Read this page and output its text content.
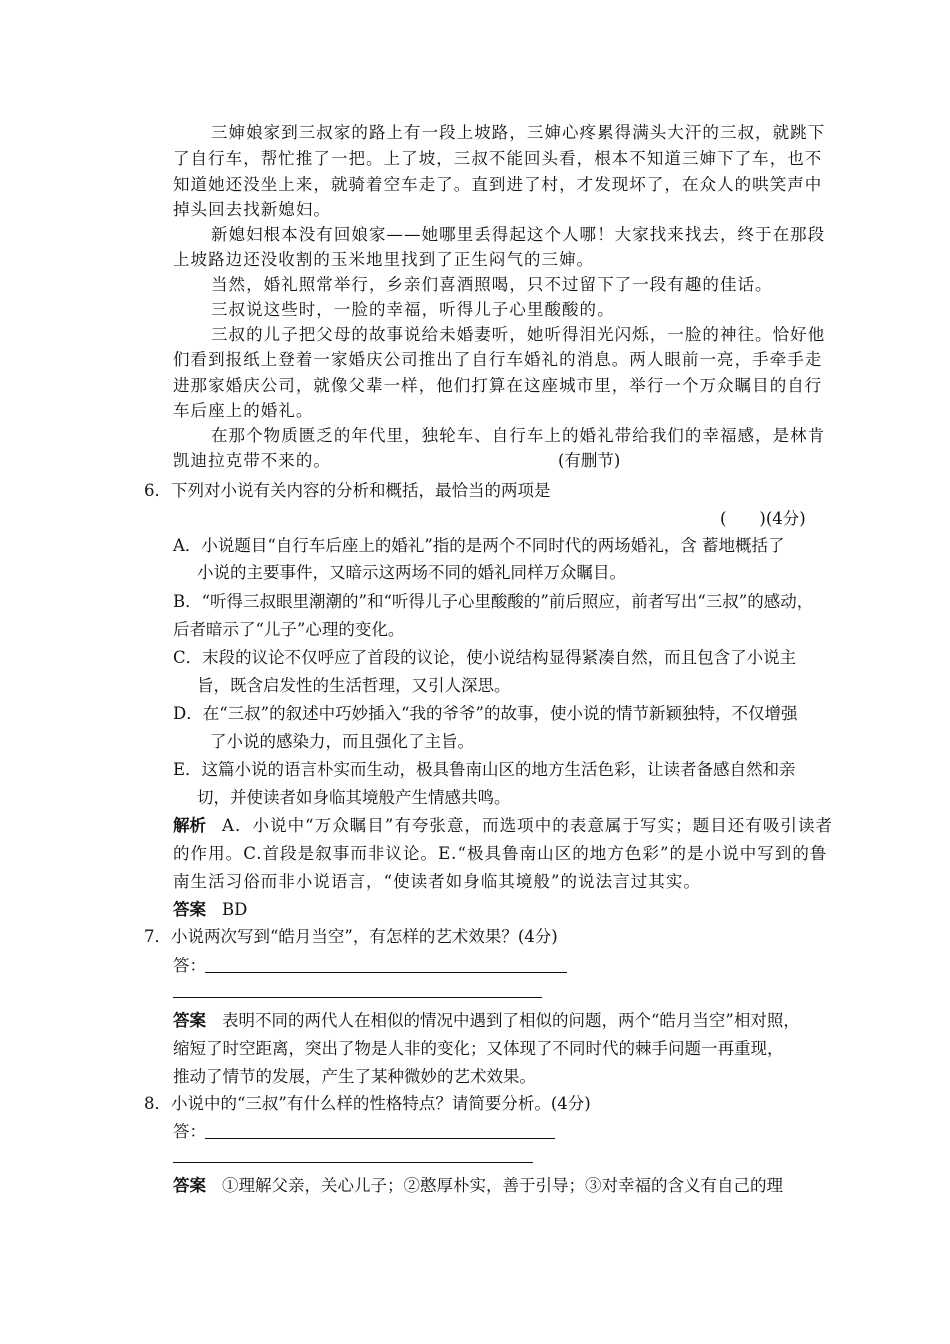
三婶娘家到三叔家的路上有一段上坡路，三婶心疼累得满头大汗的三叔，就跳下
了自行车，帮忙推了一把。上了坡，三叔不能回头看，根本不知道三婶下了车，也不
知道她还没坐上来，就骑着空车走了。直到进了村，才发现坏了，在众人的哄笑声中
掉头回去找新媳妇。
新媳妇根本没有回娘家——她哪里丢得起这个人哪！大家找来找去，终于在那段
上坡路边还没收割的玉米地里找到了正生闷气的三婶。
当然，婚礼照常举行，乡亲们喜酒照喝，只不过留下了一段有趣的佳话。
三叔说这些时，一脸的幸福，听得儿子心里酸酸的。
三叔的儿子把父母的故事说给未婚妻听，她听得泪光闪烁，一脸的神往。恰好他
们看到报纸上登着一家婚庆公司推出了自行车婚礼的消息。两人眼前一亮，手牵手走
进那家婚庆公司，就像父辈一样，他们打算在这座城市里，举行一个万众瞩目的自行
车后座上的婚礼。
在那个物质匮乏的年代里，独轮车、自行车上的婚礼带给我们的幸福感，是林肯
凯迪拉克带不来的。	(有删节)
6．下列对小说有关内容的分析和概括，最恰当的两项是
(　　)(4分)
A．小说题目“自行车后座上的婚礼”指的是两个不同时代的两场婚礼，含 蓄地概括了
小说的主要事件，又暗示这两场不同的婚礼同样万众瞩目。
B．“听得三叔眼里潮潮的”和“听得儿子心里酸酸的”前后照应，前者写出“三叔”的感动，
后者暗示了“儿子”心理的变化。
C．末段的议论不仅呼应了首段的议论，使小说结构显得紧凑自然，而且包含了小说主
旨，既含启发性的生活哲理，又引人深思。
D．在“三叔”的叙述中巧妙插入“我的爷爷”的故事，使小说的情节新颖独特，不仅增强
了小说的感染力，而且强化了主旨。
E．这篇小说的语言朴实而生动，极具鲁南山区的地方生活色彩，让读者备感自然和亲
切，并使读者如身临其境般产生情感共鸣。
解析 A．小说中“万众瞩目”有夸张意，而选项中的表意属于写实；题目还有吸引读者
的作用。C.首段是叙事而非议论。E.“极具鲁南山区的地方色彩”的是小说中写到的鲁
南生活习俗而非小说语言，“使读者如身临其境般”的说法言过其实。
答案 BD
7．小说两次写到“皓月当空”，有怎样的艺术效果？(4分)
答：
答案 表明不同的两代人在相似的情况中遇到了相似的问题，两个“皓月当空”相对照，
缩短了时空距离，突出了物是人非的变化；又体现了不同时代的棘手问题一再重现，
推动了情节的发展，产生了某种微妙的艺术效果。
8．小说中的“三叔”有什么样的性格特点？请简要分析。(4分)
答：
答案 ①理解父亲，关心儿子；②憨厚朴实，善于引导；③对幸福的含义有自己的理
